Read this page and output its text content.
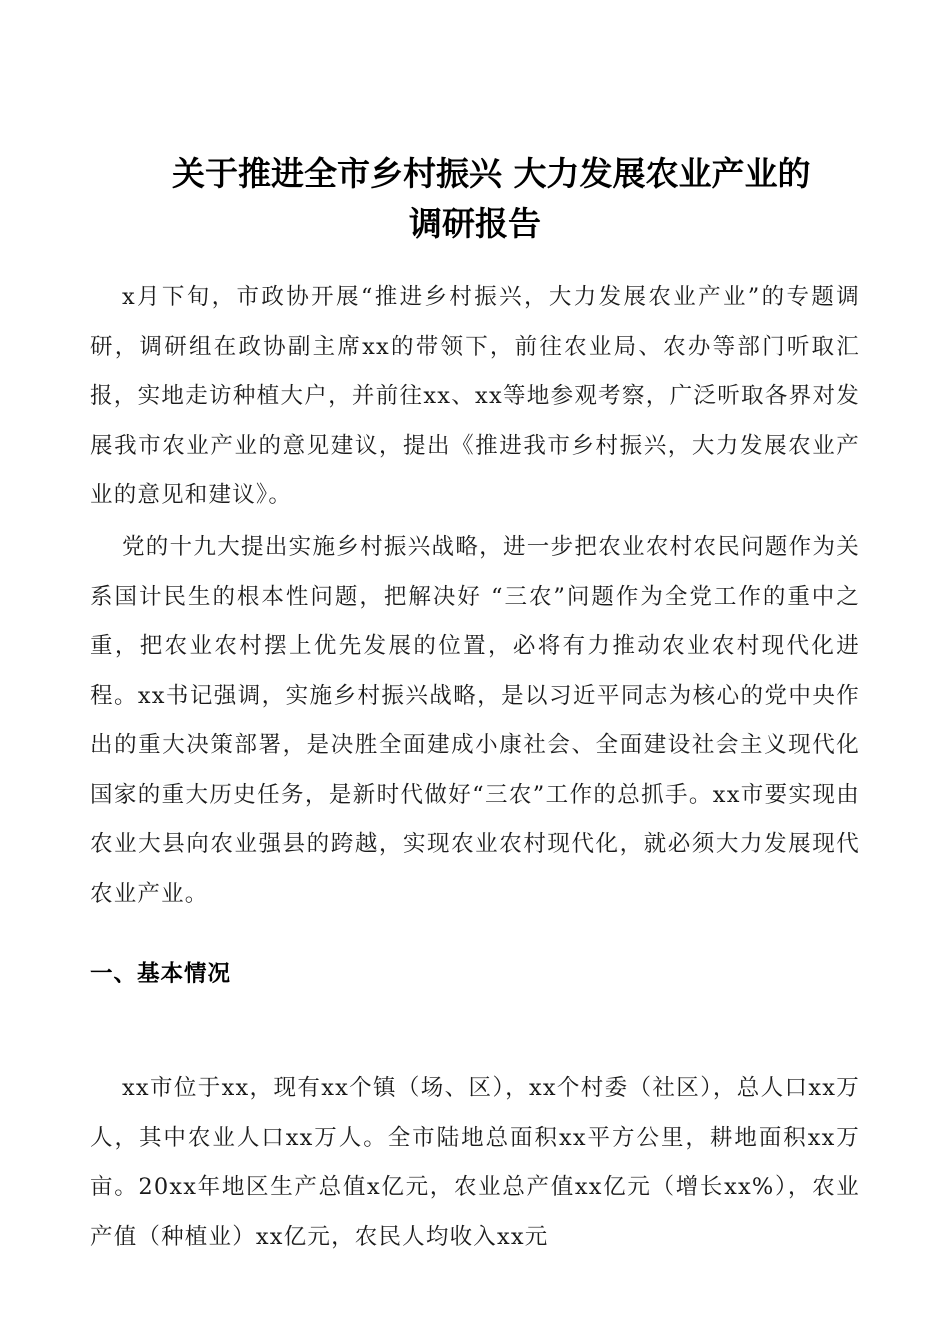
关于推进全市乡村振兴 大力发展农业产业的
调研报告

x月下旬，市政协开展“推进乡村振兴，大力发展农业产业”的专题调研，调研组在政协副主席xx的带领下，前往农业局、农办等部门听取汇报，实地走访种植大户，并前往xx、xx等地参观考察，广泛听取各界对发展我市农业产业的意见建议，提出《推进我市乡村振兴，大力发展农业产业的意见和建议》。

党的十九大提出实施乡村振兴战略，进一步把农业农村农民问题作为关系国计民生的根本性问题，把解决好 “三农”问题作为全党工作的重中之重，把农业农村摆上优先发展的位置，必将有力推动农业农村现代化进程。xx书记强调，实施乡村振兴战略，是以习近平同志为核心的党中央作出的重大决策部署，是决胜全面建成小康社会、全面建设社会主义现代化国家的重大历史任务，是新时代做好“三农”工作的总抓手。xx市要实现由农业大县向农业强县的跨越，实现农业农村现代化，就必须大力发展现代农业产业。

一、基本情况

xx市位于xx，现有xx个镇（场、区），xx个村委（社区），总人口xx万人，其中农业人口xx万人。全市陆地总面积xx平方公里，耕地面积xx万亩。20xx年地区生产总值x亿元，农业总产值xx亿元（增长xx%），农业产值（种植业）xx亿元，农民人均收入xx元
